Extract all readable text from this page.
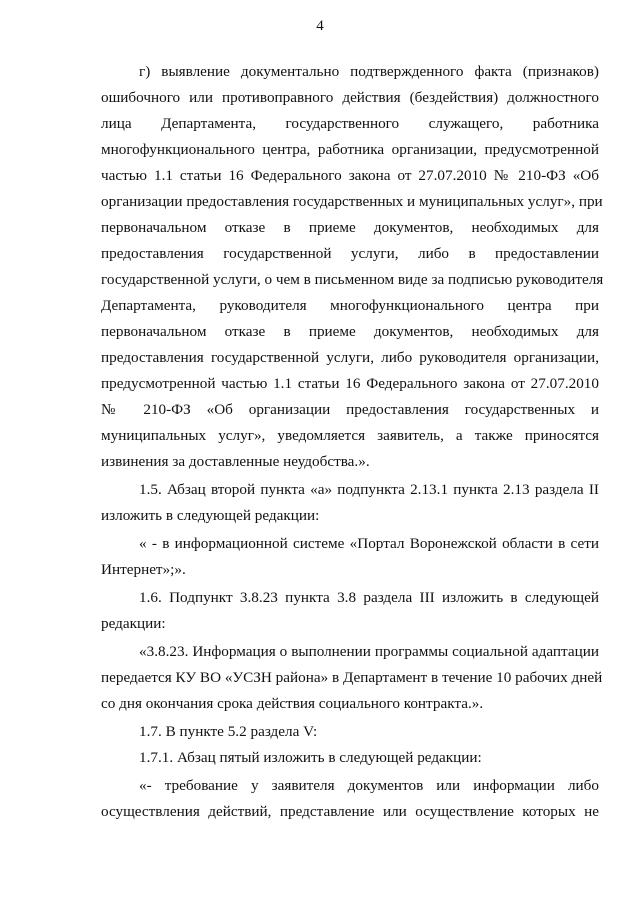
4
г) выявление документально подтвержденного факта (признаков)
ошибочного или противоправного действия (бездействия) должностного
лица Департамента, государственного служащего, работника
многофункционального центра, работника организации, предусмотренной
частью 1.1 статьи 16 Федерального закона от 27.07.2010 № 210-ФЗ «Об
организации предоставления государственных и муниципальных услуг», при
первоначальном отказе в приеме документов, необходимых для
предоставления государственной услуги, либо в предоставлении
государственной услуги, о чем в письменном виде за подписью руководителя
Департамента, руководителя многофункционального центра при
первоначальном отказе в приеме документов, необходимых для
предоставления государственной услуги, либо руководителя организации,
предусмотренной частью 1.1 статьи 16 Федерального закона от 27.07.2010
№ 210-ФЗ «Об организации предоставления государственных и
муниципальных услуг», уведомляется заявитель, а также приносятся
извинения за доставленные неудобства.».
1.5. Абзац второй пункта «а» подпункта 2.13.1 пункта 2.13 раздела II
изложить в следующей редакции:
« - в информационной системе «Портал Воронежской области в сети
Интернет»;».
1.6. Подпункт 3.8.23 пункта 3.8 раздела III изложить в следующей
редакции:
«3.8.23. Информация о выполнении программы социальной адаптации
передается КУ ВО «УСЗН района» в Департамент в течение 10 рабочих дней
со дня окончания срока действия социального контракта.».
1.7. В пункте 5.2 раздела V:
1.7.1. Абзац пятый изложить в следующей редакции:
«- требование у заявителя документов или информации либо
осуществления действий, представление или осуществление которых не
